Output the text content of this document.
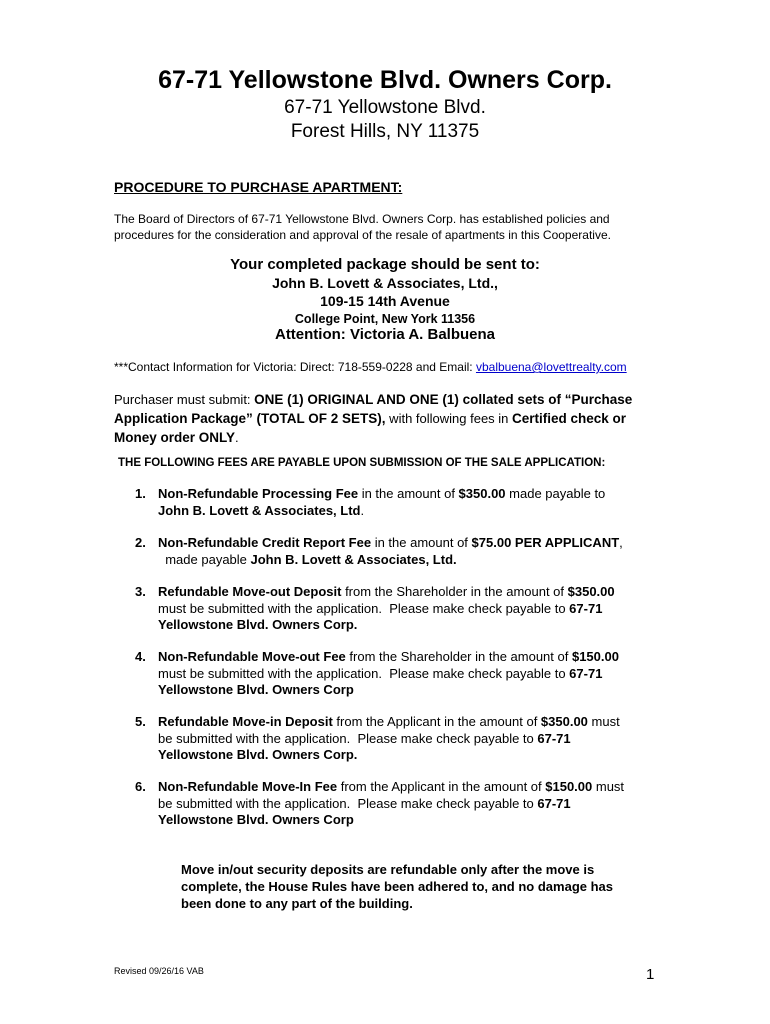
67-71 Yellowstone Blvd. Owners Corp.
67-71 Yellowstone Blvd.
Forest Hills, NY 11375
PROCEDURE TO PURCHASE APARTMENT:
The Board of Directors of 67-71 Yellowstone Blvd. Owners Corp. has established policies and
procedures for the consideration and approval of the resale of apartments in this Cooperative.
Your completed package should be sent to:
John B. Lovett & Associates, Ltd.,
109-15 14th Avenue
College Point, New York 11356
Attention: Victoria A. Balbuena
***Contact Information for Victoria: Direct: 718-559-0228 and Email: vbalbuena@lovettrealty.com
Purchaser must submit: ONE (1) ORIGINAL AND ONE (1) collated sets of “Purchase
Application Package” (TOTAL OF 2 SETS), with following fees in Certified check or
Money order ONLY.
THE FOLLOWING FEES ARE PAYABLE UPON SUBMISSION OF THE SALE APPLICATION:
1. Non-Refundable Processing Fee in the amount of $350.00 made payable to
John B. Lovett & Associates, Ltd.
2. Non-Refundable Credit Report Fee in the amount of $75.00 PER APPLICANT,
made payable John B. Lovett & Associates, Ltd.
3. Refundable Move-out Deposit from the Shareholder in the amount of $350.00
must be submitted with the application.  Please make check payable to 67-71
Yellowstone Blvd. Owners Corp.
4. Non-Refundable Move-out Fee from the Shareholder in the amount of $150.00
must be submitted with the application.  Please make check payable to 67-71
Yellowstone Blvd. Owners Corp
5. Refundable Move-in Deposit from the Applicant in the amount of $350.00 must
be submitted with the application.  Please make check payable to 67-71
Yellowstone Blvd. Owners Corp.
6. Non-Refundable Move-In Fee from the Applicant in the amount of $150.00 must
be submitted with the application.  Please make check payable to 67-71
Yellowstone Blvd. Owners Corp
Move in/out security deposits are refundable only after the move is
complete, the House Rules have been adhered to, and no damage has
been done to any part of the building.
Revised 09/26/16 VAB	1
